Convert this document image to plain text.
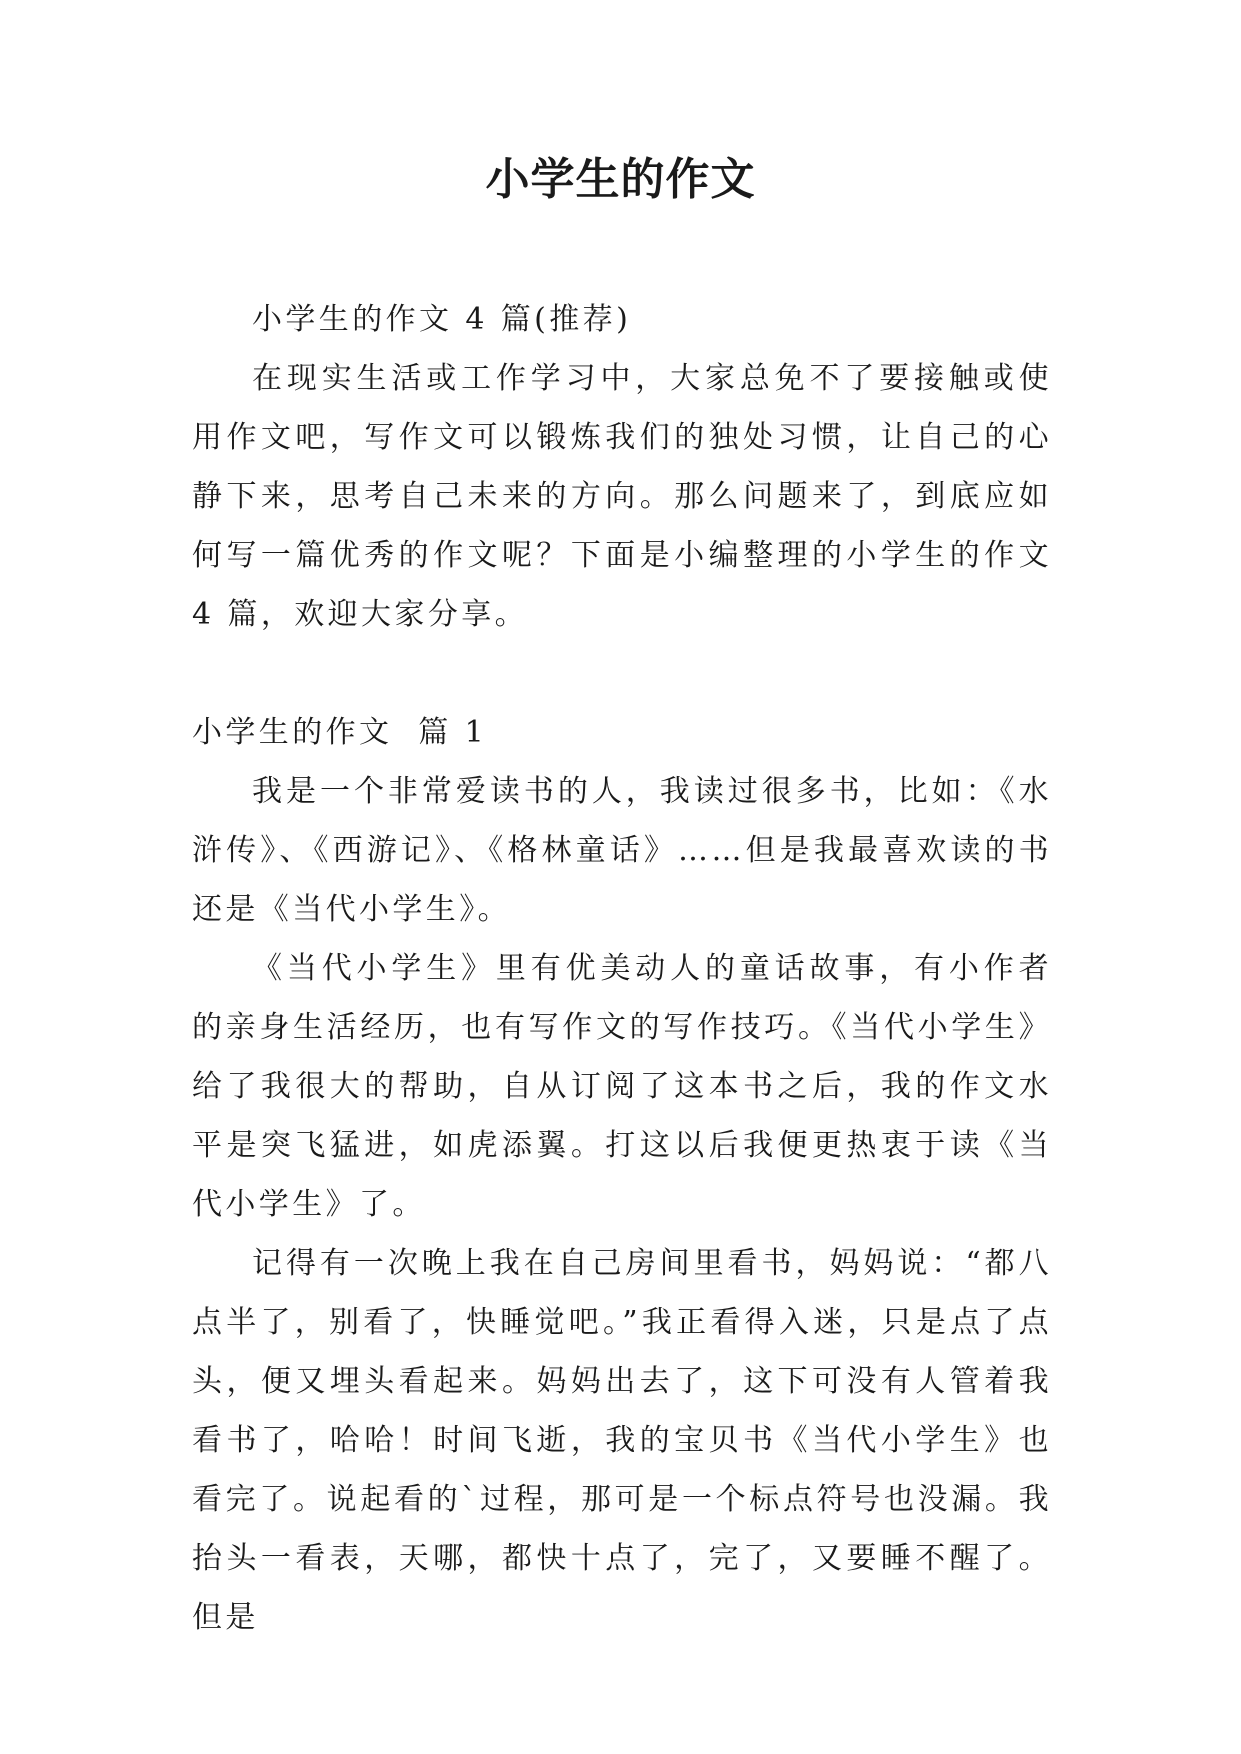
小学生的作文

小学生的作文 4 篇(推荐)

在现实生活或工作学习中，大家总免不了要接触或使用作文吧，写作文可以锻炼我们的独处习惯，让自己的心静下来，思考自己未来的方向。那么问题来了，到底应如何写一篇优秀的作文呢？下面是小编整理的小学生的作文 4 篇，欢迎大家分享。

小学生的作文  篇 1

我是一个非常爱读书的人，我读过很多书，比如：《水浒传》、《西游记》、《格林童话》……但是我最喜欢读的书还是《当代小学生》。

《当代小学生》里有优美动人的童话故事，有小作者的亲身生活经历，也有写作文的写作技巧。《当代小学生》给了我很大的帮助，自从订阅了这本书之后，我的作文水平是突飞猛进，如虎添翼。打这以后我便更热衷于读《当代小学生》了。

记得有一次晚上我在自己房间里看书，妈妈说：“都八点半了，别看了，快睡觉吧。”我正看得入迷，只是点了点头，便又埋头看起来。妈妈出去了，这下可没有人管着我看书了，哈哈！时间飞逝，我的宝贝书《当代小学生》也看完了。说起看的`过程，那可是一个标点符号也没漏。我抬头一看表，天哪，都快十点了，完了，又要睡不醒了。但是
